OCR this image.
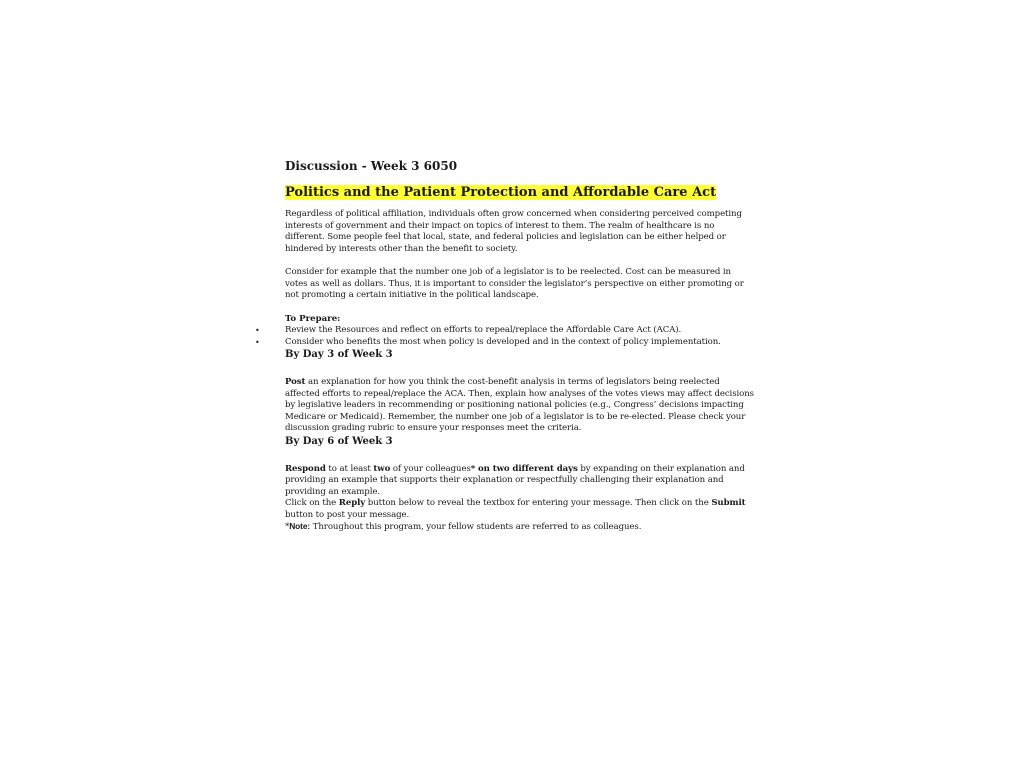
Discussion - Week 3 6050
Politics and the Patient Protection and Affordable Care Act

Regardless of political affiliation, individuals often grow concerned when considering perceived competing interests of government and their impact on topics of interest to them. The realm of healthcare is no different. Some people feel that local, state, and federal policies and legislation can be either helped or hindered by interests other than the benefit to society.

Consider for example that the number one job of a legislator is to be reelected. Cost can be measured in votes as well as dollars. Thus, it is important to consider the legislator’s perspective on either promoting or not promoting a certain initiative in the political landscape.

To Prepare:
•	Review the Resources and reflect on efforts to repeal/replace the Affordable Care Act (ACA).
•	Consider who benefits the most when policy is developed and in the context of policy implementation.
By Day 3 of Week 3

Post an explanation for how you think the cost-benefit analysis in terms of legislators being reelected affected efforts to repeal/replace the ACA. Then, explain how analyses of the votes views may affect decisions by legislative leaders in recommending or positioning national policies (e.g., Congress’ decisions impacting Medicare or Medicaid). Remember, the number one job of a legislator is to be re-elected. Please check your discussion grading rubric to ensure your responses meet the criteria.

By Day 6 of Week 3

Respond to at least two of your colleagues* on two different days by expanding on their explanation and providing an example that supports their explanation or respectfully challenging their explanation and providing an example.

Click on the Reply button below to reveal the textbox for entering your message. Then click on the Submit button to post your message.

*Note: Throughout this program, your fellow students are referred to as colleagues.
